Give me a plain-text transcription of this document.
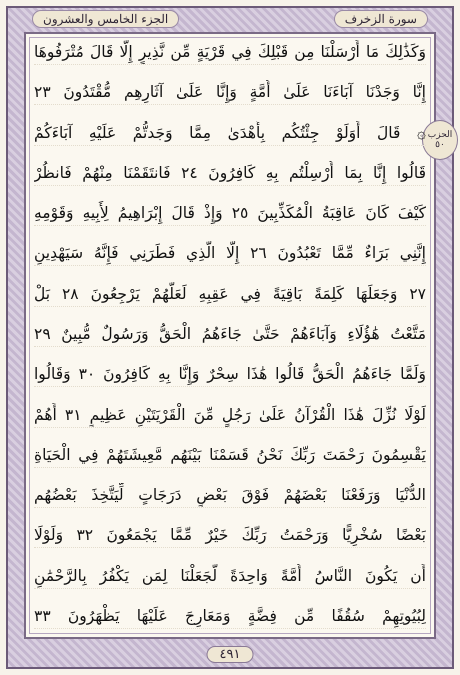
سورة الزخرف
الجزء الخامس والعشرون
الحزب
٥٠
وَكَذَٰلِكَ مَا أَرْسَلْنَا مِن قَبْلِكَ فِي قَرْيَةٍ مِّن نَّذِيرٍ إِلَّا قَالَ مُتْرَفُوهَا
إِنَّا وَجَدْنَا آبَاءَنَا عَلَىٰ أُمَّةٍ وَإِنَّا عَلَىٰ آثَارِهِم مُّقْتَدُونَ ٢٣
۞ قَالَ أَوَلَوْ جِئْتُكُم بِأَهْدَىٰ مِمَّا وَجَدتُّمْ عَلَيْهِ آبَاءَكُمْ
قَالُوا إِنَّا بِمَا أُرْسِلْتُم بِهِ كَافِرُونَ ٢٤ فَانتَقَمْنَا مِنْهُمْ فَانظُرْ
كَيْفَ كَانَ عَاقِبَةُ الْمُكَذِّبِينَ ٢٥ وَإِذْ قَالَ إِبْرَاهِيمُ لِأَبِيهِ وَقَوْمِهِ
إِنَّنِي بَرَاءٌ مِّمَّا تَعْبُدُونَ ٢٦ إِلَّا الَّذِي فَطَرَنِي فَإِنَّهُ سَيَهْدِينِ
٢٧ وَجَعَلَهَا كَلِمَةً بَاقِيَةً فِي عَقِبِهِ لَعَلَّهُمْ يَرْجِعُونَ ٢٨ بَلْ
مَتَّعْتُ هَٰؤُلَاءِ وَآبَاءَهُمْ حَتَّىٰ جَاءَهُمُ الْحَقُّ وَرَسُولٌ مُّبِينٌ ٢٩
وَلَمَّا جَاءَهُمُ الْحَقُّ قَالُوا هَٰذَا سِحْرٌ وَإِنَّا بِهِ كَافِرُونَ ٣٠ وَقَالُوا
لَوْلَا نُزِّلَ هَٰذَا الْقُرْآنُ عَلَىٰ رَجُلٍ مِّنَ الْقَرْيَتَيْنِ عَظِيمٍ ٣١ أَهُمْ
يَقْسِمُونَ رَحْمَتَ رَبِّكَ نَحْنُ قَسَمْنَا بَيْنَهُم مَّعِيشَتَهُمْ فِي الْحَيَاةِ
الدُّنْيَا وَرَفَعْنَا بَعْضَهُمْ فَوْقَ بَعْضٍ دَرَجَاتٍ لِّيَتَّخِذَ بَعْضُهُم
بَعْضًا سُخْرِيًّا وَرَحْمَتُ رَبِّكَ خَيْرٌ مِّمَّا يَجْمَعُونَ ٣٢ وَلَوْلَا
أَن يَكُونَ النَّاسُ أُمَّةً وَاحِدَةً لَّجَعَلْنَا لِمَن يَكْفُرُ بِالرَّحْمَٰنِ
لِبُيُوتِهِمْ سُقُفًا مِّن فِضَّةٍ وَمَعَارِجَ عَلَيْهَا يَظْهَرُونَ ٣٣
٤٩١
